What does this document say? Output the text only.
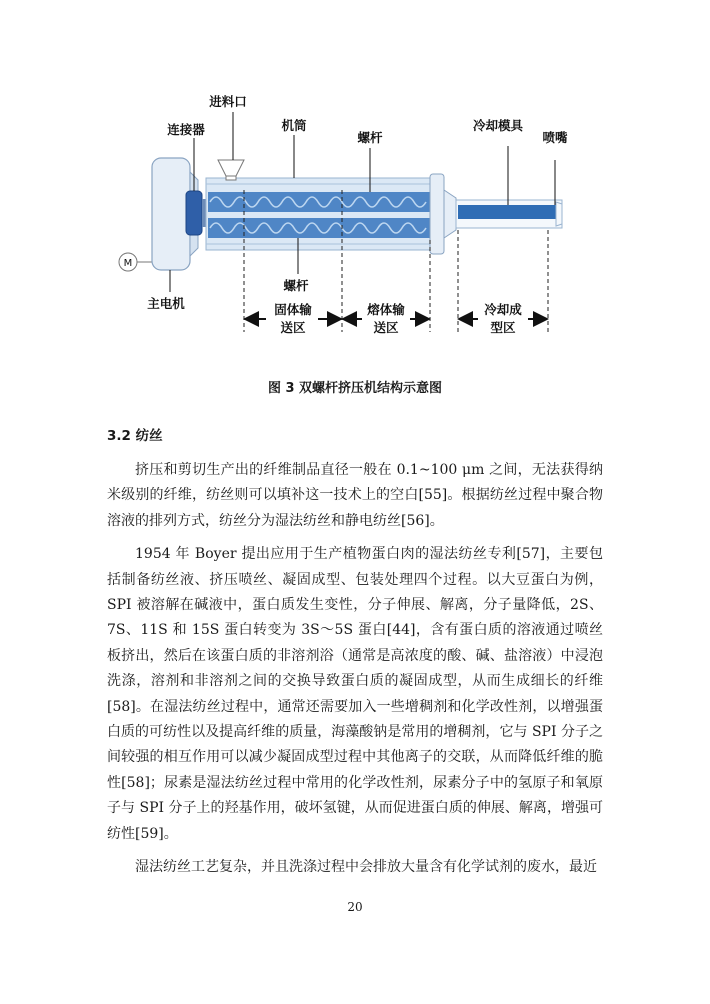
M
进料口
连接器	机筒
螺杆
冷却模具
喷嘴
主电机
螺杆
固体输
送区
熔体输
送区
冷却成
型区
图 3 双螺杆挤压机结构示意图
3.2 纺丝

挤压和剪切生产出的纤维制品直径一般在 0.1~100 μm 之间，无法获得纳米级别的纤维，纺丝则可以填补这一技术上的空白[55]。根据纺丝过程中聚合物溶液的排列方式，纺丝分为湿法纺丝和静电纺丝[56]。

1954 年 Boyer 提出应用于生产植物蛋白肉的湿法纺丝专利[57]，主要包括制备纺丝液、挤压喷丝、凝固成型、包装处理四个过程。以大豆蛋白为例，SPI 被溶解在碱液中，蛋白质发生变性，分子伸展、解离，分子量降低，2S、7S、11S 和 15S 蛋白转变为 3S～5S 蛋白[44]，含有蛋白质的溶液通过喷丝板挤出，然后在该蛋白质的非溶剂浴（通常是高浓度的酸、碱、盐溶液）中浸泡洗涤，溶剂和非溶剂之间的交换导致蛋白质的凝固成型，从而生成细长的纤维[58]。在湿法纺丝过程中，通常还需要加入一些增稠剂和化学改性剂，以增强蛋白质的可纺性以及提高纤维的质量，海藻酸钠是常用的增稠剂，它与 SPI 分子之间较强的相互作用可以减少凝固成型过程中其他离子的交联，从而降低纤维的脆性[58]；尿素是湿法纺丝过程中常用的化学改性剂，尿素分子中的氢原子和氧原子与 SPI 分子上的羟基作用，破坏氢键，从而促进蛋白质的伸展、解离，增强可纺性[59]。

湿法纺丝工艺复杂，并且洗涤过程中会排放大量含有化学试剂的废水，最近

20
